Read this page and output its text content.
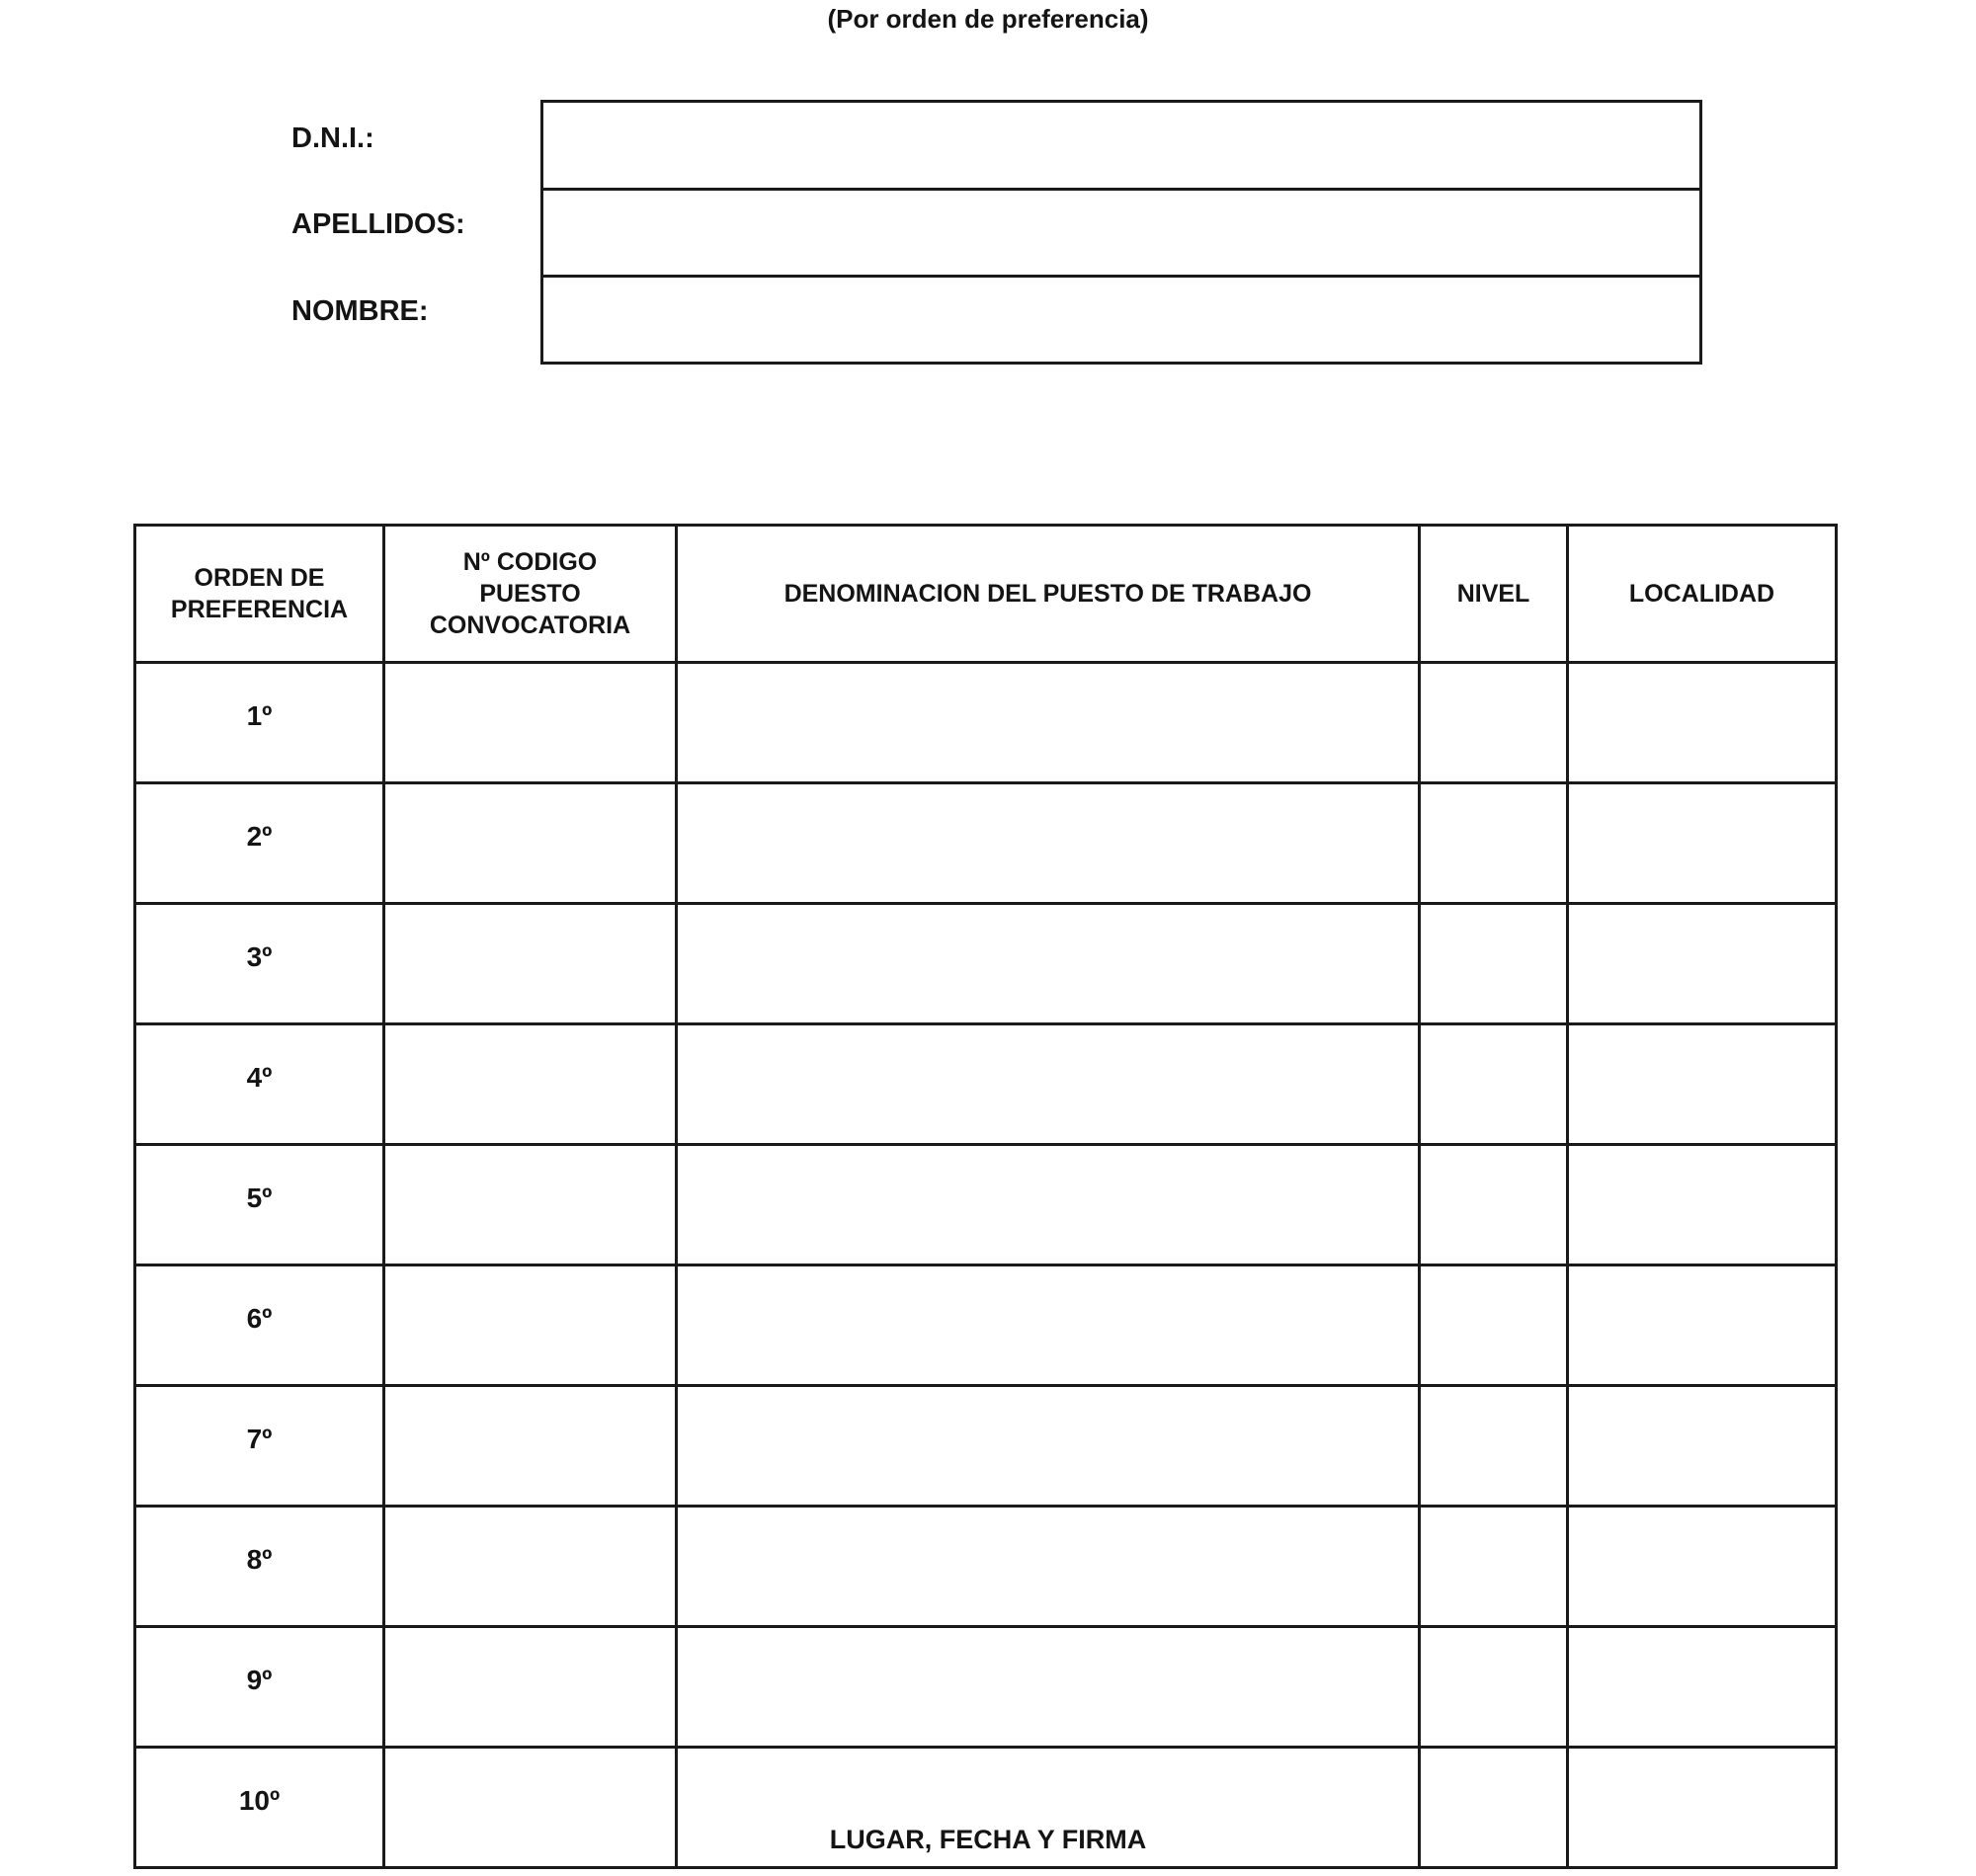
(Por orden de preferencia)
D.N.I.:
APELLIDOS:
NOMBRE:
ORDEN DE
PREFERENCIA	Nº CODIGO
PUESTO
CONVOCATORIA	DENOMINACION DEL PUESTO DE TRABAJO	NIVEL	LOCALIDAD

1º				
2º				
3º				
4º				
5º				
6º				
7º				
8º				
9º				
10º				
LUGAR, FECHA Y FIRMA
